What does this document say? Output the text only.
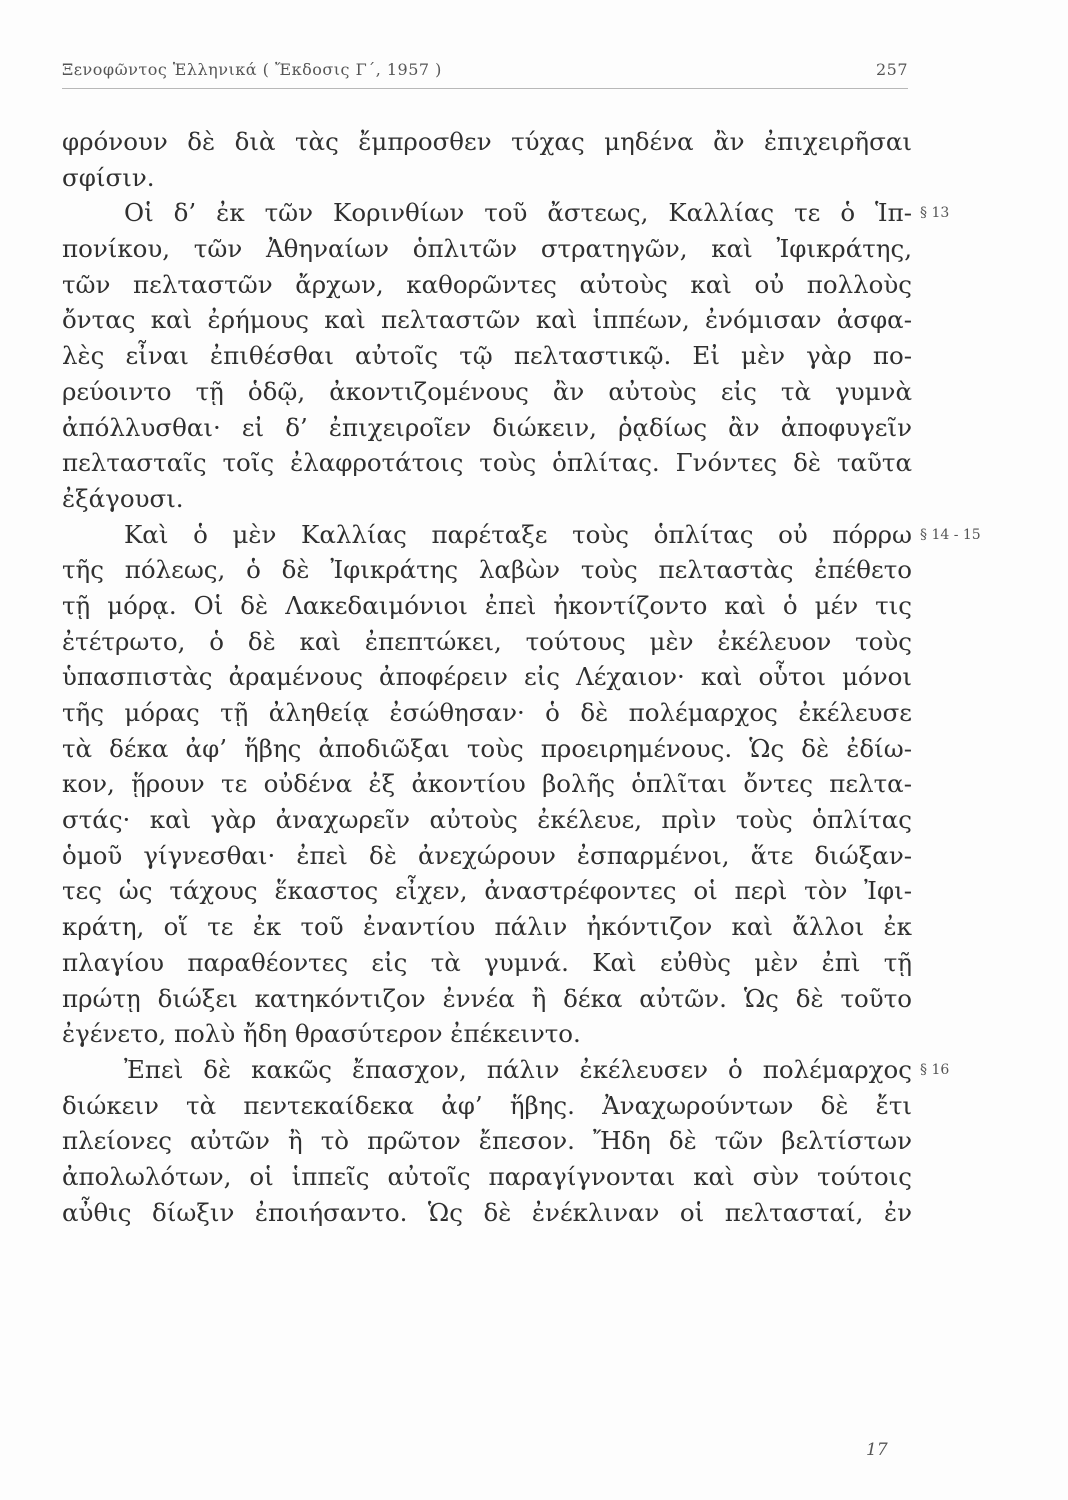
Ξενοφῶντος Ἑλληνικά ( Ἔκδοσις Γ΄, 1957 )	257
φρόνουν δὲ διὰ τὰς ἔμπροσθεν τύχας μηδένα ἂν ἐπιχειρῆσαι
σφίσιν.
Οἱ δ’ ἐκ τῶν Κορινθίων τοῦ ἄστεως, Καλλίας τε ὁ Ἱπ-
πονίκου, τῶν Ἀθηναίων ὁπλιτῶν στρατηγῶν, καὶ Ἰφικράτης,
τῶν πελταστῶν ἄρχων, καθορῶντες αὐτοὺς καὶ οὐ πολλοὺς
ὄντας καὶ ἐρήμους καὶ πελταστῶν καὶ ἱππέων, ἐνόμισαν ἀσφα-
λὲς εἶναι ἐπιθέσθαι αὐτοῖς τῷ πελταστικῷ. Εἰ μὲν γὰρ πο-
ρεύοιντο τῇ ὁδῷ, ἀκοντιζομένους ἂν αὐτοὺς εἰς τὰ γυμνὰ
ἀπόλλυσθαι· εἰ δ’ ἐπιχειροῖεν διώκειν, ῥᾳδίως ἂν ἀποφυγεῖν
πελτασταῖς τοῖς ἐλαφροτάτοις τοὺς ὁπλίτας. Γνόντες δὲ ταῦτα
ἐξάγουσι.
Καὶ ὁ μὲν Καλλίας παρέταξε τοὺς ὁπλίτας οὐ πόρρω
τῆς πόλεως, ὁ δὲ Ἰφικράτης λαβὼν τοὺς πελταστὰς ἐπέθετο
τῇ μόρᾳ. Οἱ δὲ Λακεδαιμόνιοι ἐπεὶ ἠκοντίζοντο καὶ ὁ μέν τις
ἐτέτρωτο, ὁ δὲ καὶ ἐπεπτώκει, τούτους μὲν ἐκέλευον τοὺς
ὑπασπιστὰς ἀραμένους ἀποφέρειν εἰς Λέχαιον· καὶ οὗτοι μόνοι
τῆς μόρας τῇ ἀληθείᾳ ἐσώθησαν· ὁ δὲ πολέμαρχος ἐκέλευσε
τὰ δέκα ἀφ’ ἥβης ἀποδιῶξαι τοὺς προειρημένους. Ὡς δὲ ἐδίω-
κον, ᾕρουν τε οὐδένα ἐξ ἀκοντίου βολῆς ὁπλῖται ὄντες πελτα-
στάς· καὶ γὰρ ἀναχωρεῖν αὐτοὺς ἐκέλευε, πρὶν τοὺς ὁπλίτας
ὁμοῦ γίγνεσθαι· ἐπεὶ δὲ ἀνεχώρουν ἐσπαρμένοι, ἅτε διώξαν-
τες ὡς τάχους ἕκαστος εἶχεν, ἀναστρέφοντες οἱ περὶ τὸν Ἰφι-
κράτη, οἵ τε ἐκ τοῦ ἐναντίου πάλιν ἠκόντιζον καὶ ἄλλοι ἐκ
πλαγίου παραθέοντες εἰς τὰ γυμνά. Καὶ εὐθὺς μὲν ἐπὶ τῇ
πρώτῃ διώξει κατηκόντιζον ἐννέα ἢ δέκα αὐτῶν. Ὡς δὲ τοῦτο
ἐγένετο, πολὺ ἤδη θρασύτερον ἐπέκειντο.
Ἐπεὶ δὲ κακῶς ἔπασχον, πάλιν ἐκέλευσεν ὁ πολέμαρχος
διώκειν τὰ πεντεκαίδεκα ἀφ’ ἥβης. Ἀναχωρούντων δὲ ἔτι
πλείονες αὐτῶν ἢ τὸ πρῶτον ἔπεσον. Ἤδη δὲ τῶν βελτίστων
ἀπολωλότων, οἱ ἱππεῖς αὐτοῖς παραγίγνονται καὶ σὺν τούτοις
αὖθις δίωξιν ἐποιήσαντο. Ὡς δὲ ἐνέκλιναν οἱ πελτασταί, ἐν
§ 13
§ 14 - 15
§ 16
17
